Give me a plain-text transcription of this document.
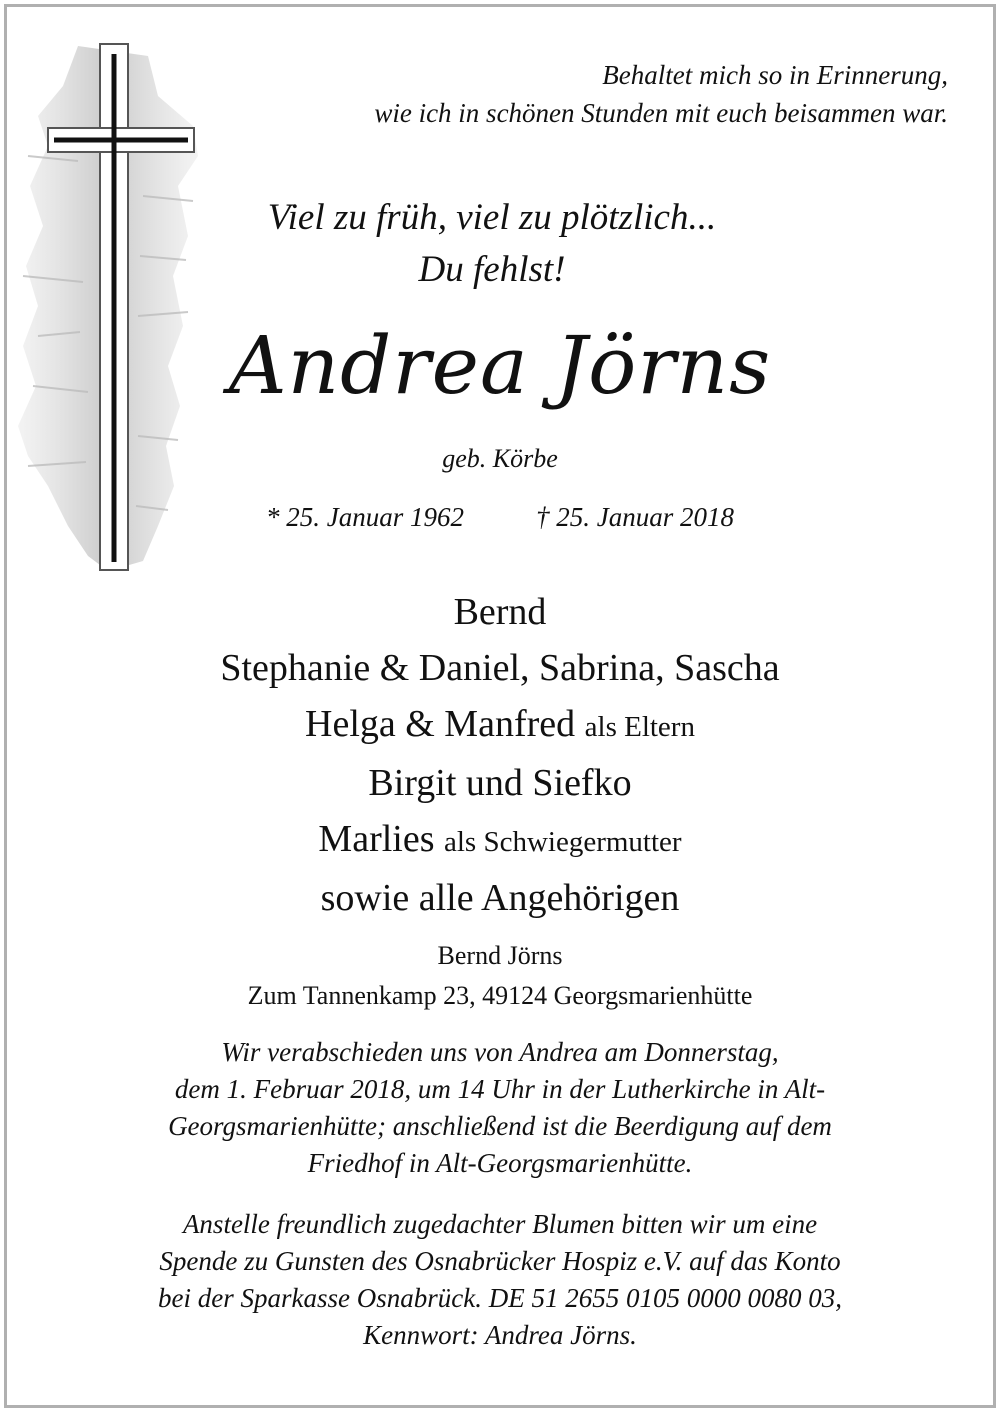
Behaltet mich so in Erinnerung,
wie ich in schönen Stunden mit euch beisammen war.
Viel zu früh, viel zu plötzlich...
Du fehlst!
Andrea Jörns
geb. Körbe
* 25. Januar 1962	† 25. Januar 2018
Bernd
Stephanie & Daniel, Sabrina, Sascha
Helga & Manfred als Eltern
Birgit und Siefko
Marlies als Schwiegermutter
sowie alle Angehörigen
Bernd Jörns
Zum Tannenkamp 23, 49124 Georgsmarienhütte
Wir verabschieden uns von Andrea am Donnerstag,
dem 1. Februar 2018, um 14 Uhr in der Lutherkirche in Alt-
Georgsmarienhütte; anschließend ist die Beerdigung auf dem
Friedhof in Alt-Georgsmarienhütte.
Anstelle freundlich zugedachter Blumen bitten wir um eine
Spende zu Gunsten des Osnabrücker Hospiz e.V. auf das Konto
bei der Sparkasse Osnabrück. DE 51 2655 0105 0000 0080 03,
Kennwort: Andrea Jörns.
